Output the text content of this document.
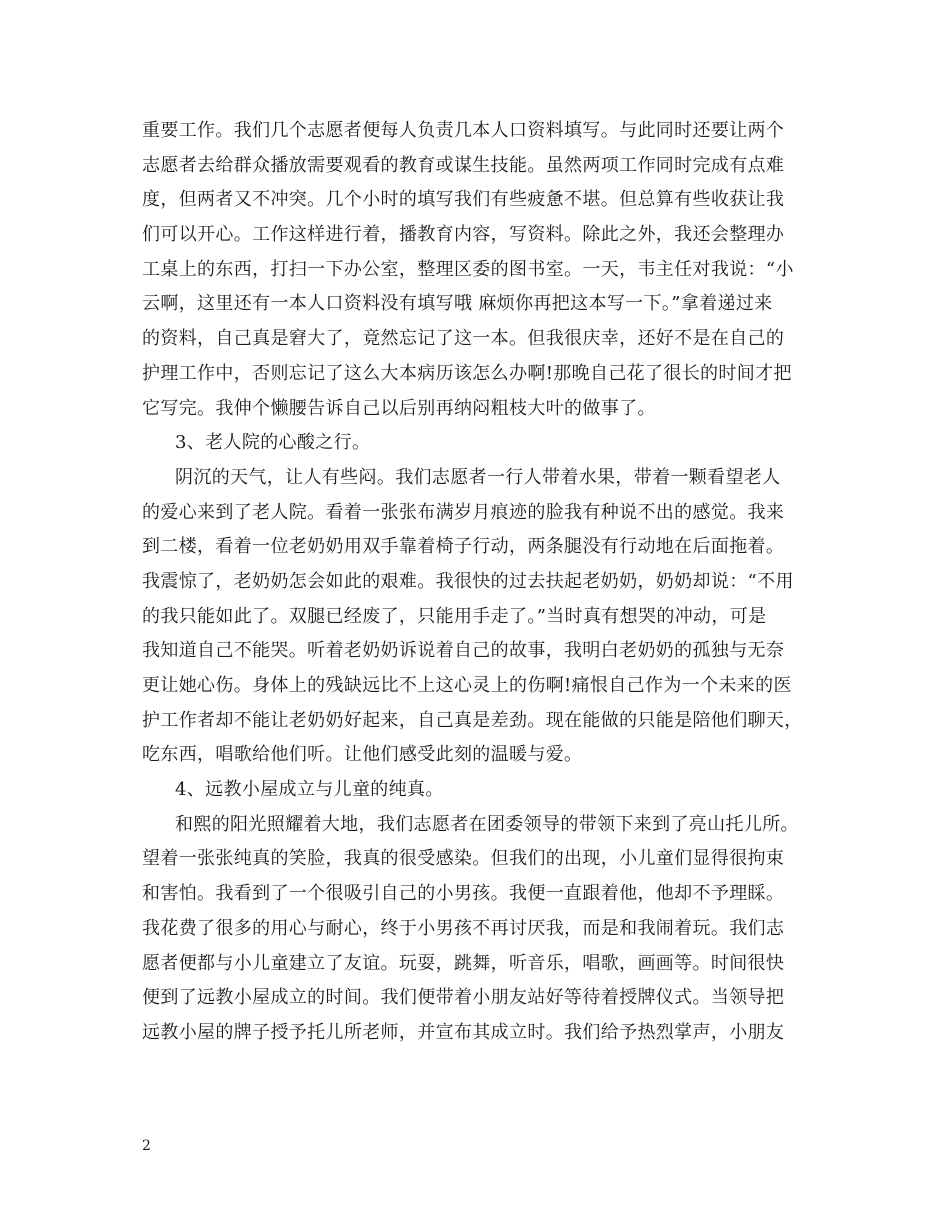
重要工作。我们几个志愿者便每人负责几本人口资料填写。与此同时还要让两个
志愿者去给群众播放需要观看的教育或谋生技能。虽然两项工作同时完成有点难
度，但两者又不冲突。几个小时的填写我们有些疲惫不堪。但总算有些收获让我
们可以开心。工作这样进行着，播教育内容，写资料。除此之外，我还会整理办
工桌上的东西，打扫一下办公室，整理区委的图书室。一天，韦主任对我说：“小
云啊，这里还有一本人口资料没有填写哦 麻烦你再把这本写一下。”拿着递过来
的资料，自己真是窘大了，竟然忘记了这一本。但我很庆幸，还好不是在自己的
护理工作中，否则忘记了这么大本病历该怎么办啊!那晚自己花了很长的时间才把
它写完。我伸个懒腰告诉自己以后别再纳闷粗枝大叶的做事了。
3、老人院的心酸之行。
阴沉的天气，让人有些闷。我们志愿者一行人带着水果，带着一颗看望老人
的爱心来到了老人院。看着一张张布满岁月痕迹的脸我有种说不出的感觉。我来
到二楼，看着一位老奶奶用双手靠着椅子行动，两条腿没有行动地在后面拖着。
我震惊了，老奶奶怎会如此的艰难。我很快的过去扶起老奶奶，奶奶却说：“不用
的我只能如此了。双腿已经废了，只能用手走了。”当时真有想哭的冲动，可是
我知道自己不能哭。听着老奶奶诉说着自己的故事，我明白老奶奶的孤独与无奈
更让她心伤。身体上的残缺远比不上这心灵上的伤啊!痛恨自己作为一个未来的医
护工作者却不能让老奶奶好起来，自己真是差劲。现在能做的只能是陪他们聊天，
吃东西，唱歌给他们听。让他们感受此刻的温暖与爱。
4、远教小屋成立与儿童的纯真。
和熙的阳光照耀着大地，我们志愿者在团委领导的带领下来到了亮山托儿所。
望着一张张纯真的笑脸，我真的很受感染。但我们的出现，小儿童们显得很拘束
和害怕。我看到了一个很吸引自己的小男孩。我便一直跟着他，他却不予理睬。
我花费了很多的用心与耐心，终于小男孩不再讨厌我，而是和我闹着玩。我们志
愿者便都与小儿童建立了友谊。玩耍，跳舞，听音乐，唱歌，画画等。时间很快
便到了远教小屋成立的时间。我们便带着小朋友站好等待着授牌仪式。当领导把
远教小屋的牌子授予托儿所老师，并宣布其成立时。我们给予热烈掌声，小朋友
2
